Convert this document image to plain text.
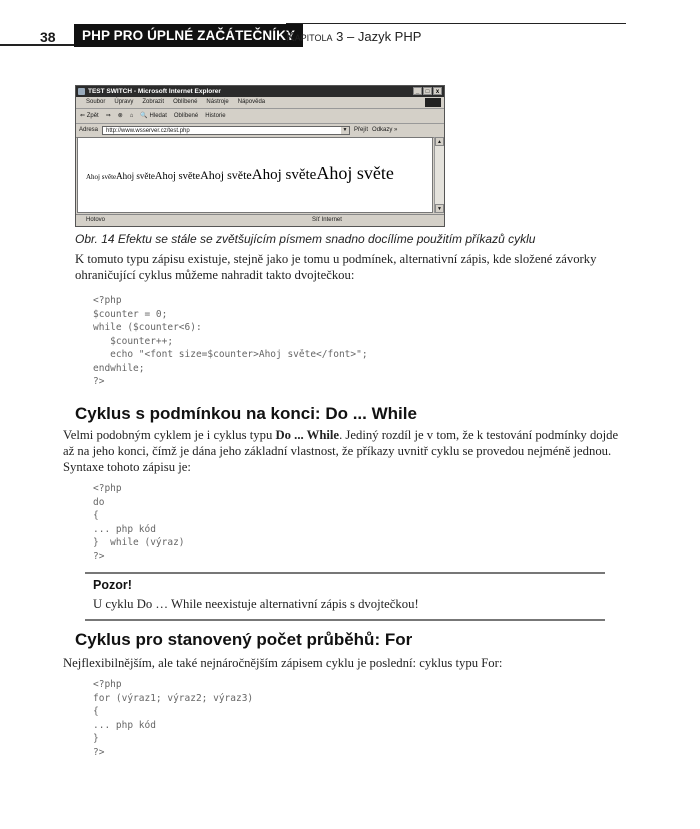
38	PHP PRO ÚPLNÉ ZAČÁTEČNÍKY
Kapitola 3 – Jazyk PHP
TEST SWITCH - Microsoft Internet Explorer	_	□	x
Soubor Úpravy Zobrazit Oblíbené Nástroje Nápověda
⇐ Zpět ⇒ ⊗ ⌂ 🔍 Hledat Oblíbené Historie
Adresa	http://www.wsserver.cz/test.php	▼ Přejít Odkazy »
Ahoj světeAhoj světeAhoj světeAhoj světeAhoj světeAhoj světe
▲
▼
Hotovo	Síť Internet
Obr. 14 Efektu se stále se zvětšujícím písmem snadno docílíme použitím příkazů cyklu

K tomuto typu zápisu existuje, stejně jako je tomu u podmínek, alternativní zápis, kde složené závorky ohraničující cyklus můžeme nahradit takto dvojtečkou:

<?php
$counter = 0;
while ($counter<6):
$counter++;
echo "<font size=$counter>Ahoj světe</font>";
endwhile;
?>
Cyklus s podmínkou na konci: Do ... While

Velmi podobným cyklem je i cyklus typu Do ... While. Jediný rozdíl je v tom, že k testování podmínky dojde až na jeho konci, čímž je dána jeho základní vlastnost, že příkazy uvnitř cyklu se provedou nejméně jednou. Syntaxe tohoto zápisu je:

<?php
do
{
... php kód
}  while (výraz)
?>
Pozor!
U cyklu Do … While neexistuje alternativní zápis s dvojtečkou!
Cyklus pro stanovený počet průběhů: For

Nejflexibilnějším, ale také nejnáročnějším zápisem cyklu je poslední: cyklus typu For:

<?php
for (výraz1; výraz2; výraz3)
{
... php kód
}
?>
